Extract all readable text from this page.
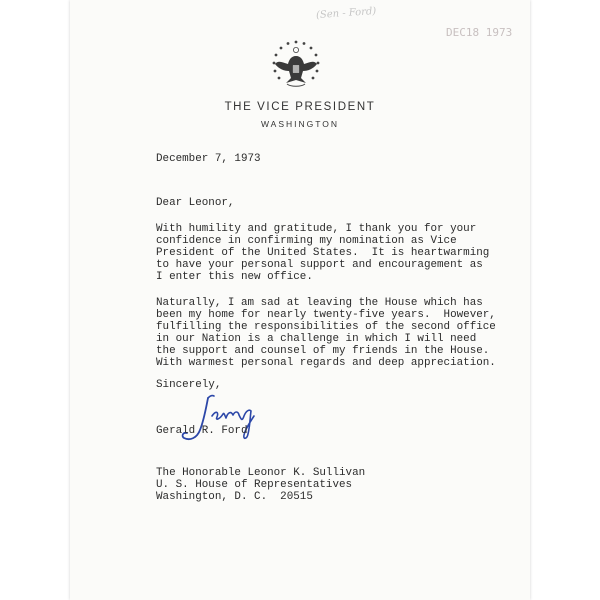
(Sen - Ford)
DEC18 1973
THE VICE PRESIDENT
WASHINGTON
December 7, 1973
Dear Leonor,
With humility and gratitude, I thank you for your
confidence in confirming my nomination as Vice
President of the United States.  It is heartwarming
to have your personal support and encouragement as
I enter this new office.
Naturally, I am sad at leaving the House which has
been my home for nearly twenty-five years.  However,
fulfilling the responsibilities of the second office
in our Nation is a challenge in which I will need
the support and counsel of my friends in the House.
With warmest personal regards and deep appreciation.
Sincerely,
Gerald R. Ford
The Honorable Leonor K. Sullivan
U. S. House of Representatives
Washington, D. C.  20515
